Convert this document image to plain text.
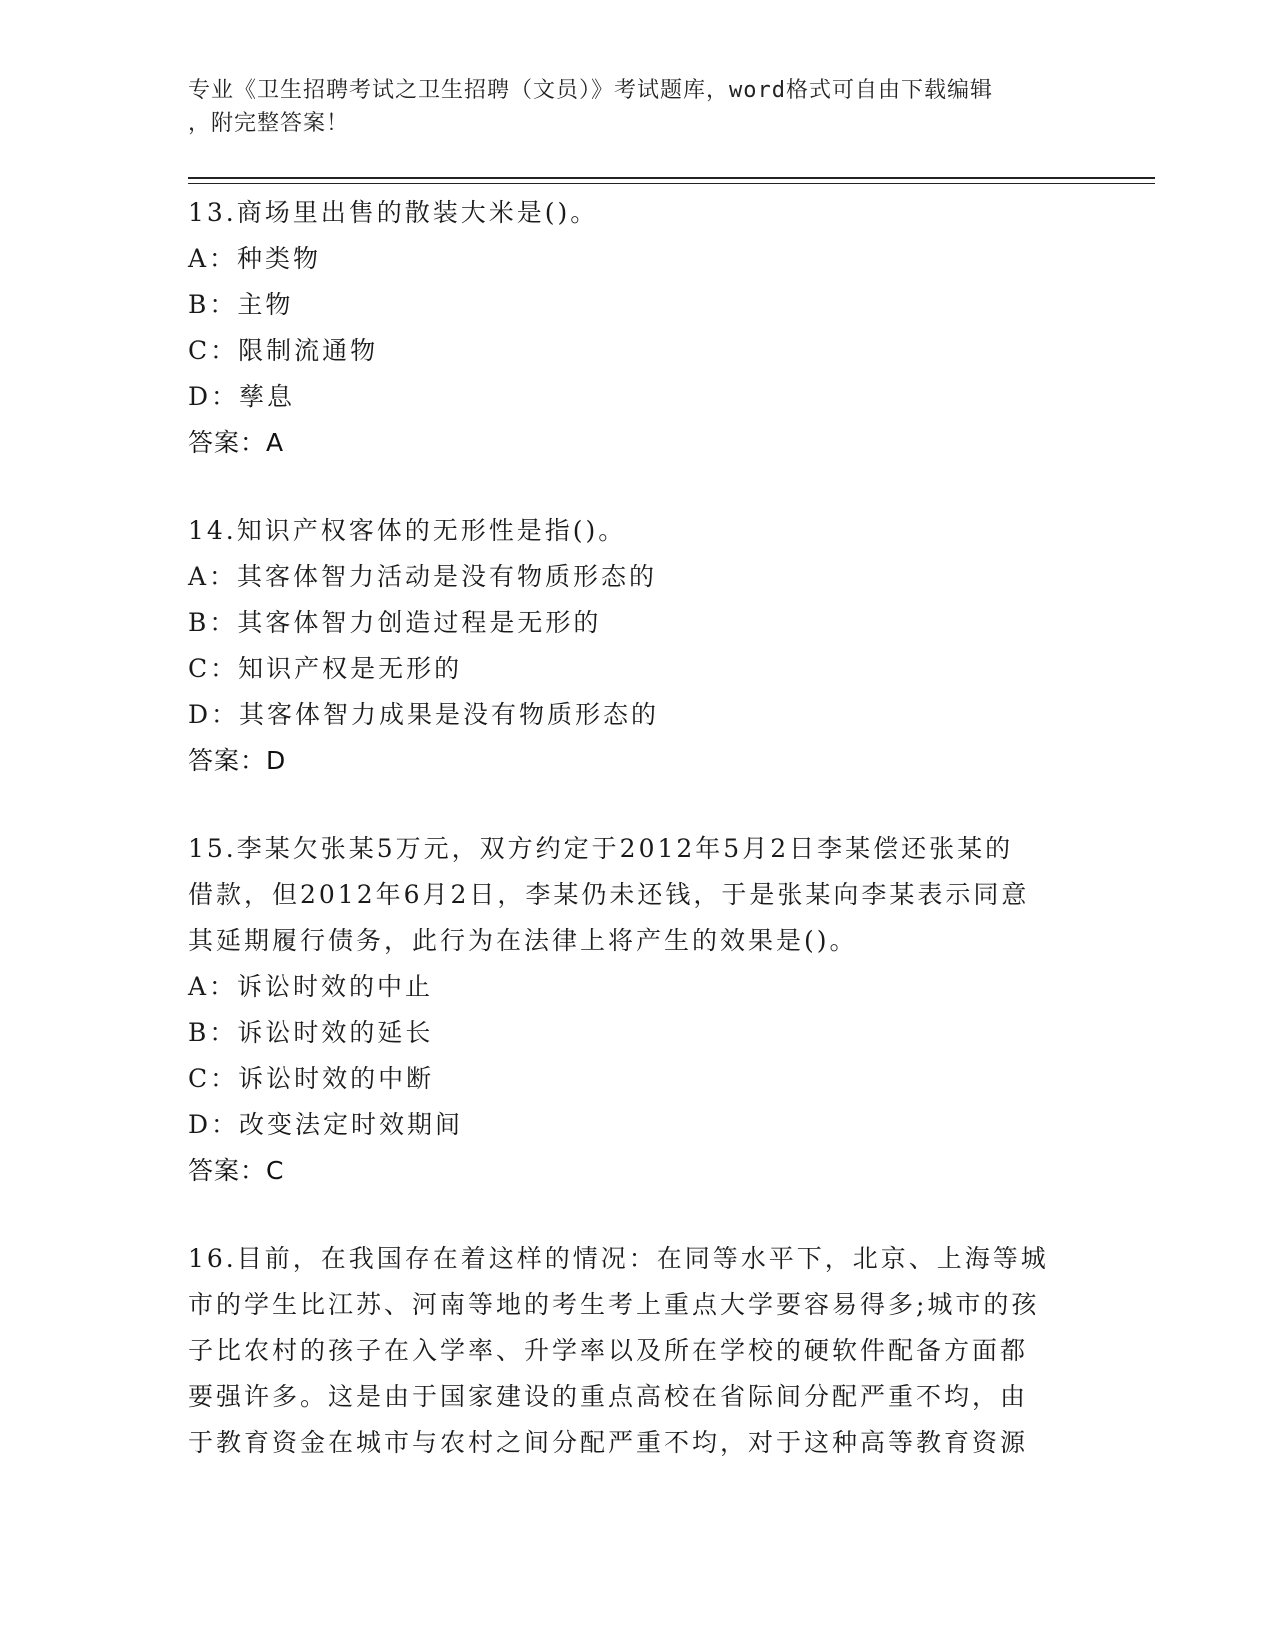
专业《卫生招聘考试之卫生招聘（文员）》考试题库，word格式可自由下载编辑
，附完整答案！
13.商场里出售的散装大米是()。
A：种类物
B：主物
C：限制流通物
D：孳息
答案：A
14.知识产权客体的无形性是指()。
A：其客体智力活动是没有物质形态的
B：其客体智力创造过程是无形的
C：知识产权是无形的
D：其客体智力成果是没有物质形态的
答案：D
15.李某欠张某5万元，双方约定于2012年5月2日李某偿还张某的
借款，但2012年6月2日，李某仍未还钱，于是张某向李某表示同意
其延期履行债务，此行为在法律上将产生的效果是()。
A：诉讼时效的中止
B：诉讼时效的延长
C：诉讼时效的中断
D：改变法定时效期间
答案：C
16.目前，在我国存在着这样的情况：在同等水平下，北京、上海等城
市的学生比江苏、河南等地的考生考上重点大学要容易得多;城市的孩
子比农村的孩子在入学率、升学率以及所在学校的硬软件配备方面都
要强许多。这是由于国家建设的重点高校在省际间分配严重不均，由
于教育资金在城市与农村之间分配严重不均，对于这种高等教育资源
